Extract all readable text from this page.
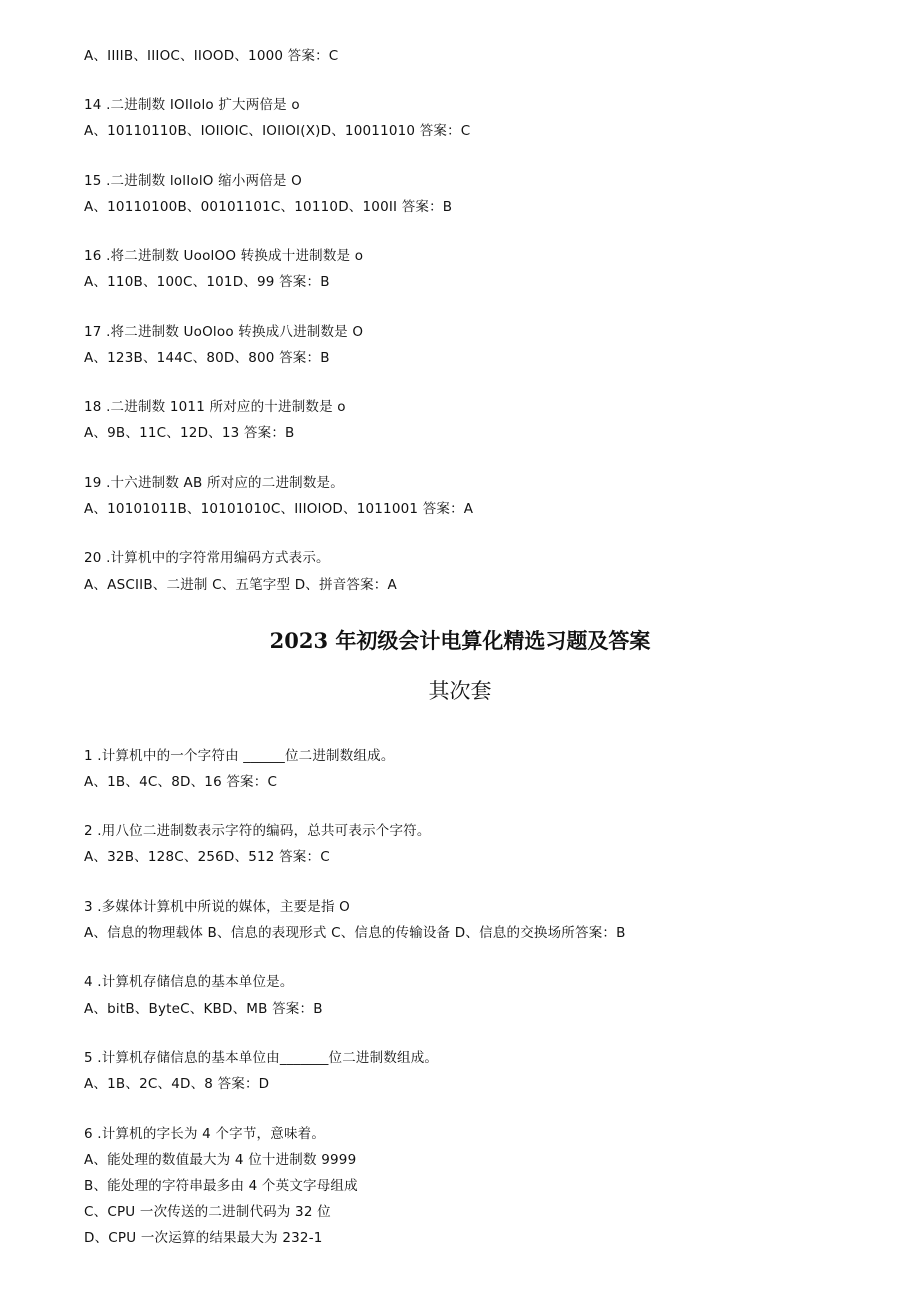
A、IIIIB、IIIOC、IIOOD、1000 答案：C
14 .二进制数 IOIlolo 扩大两倍是 o
A、10110110B、IOIlOIC、IOIlOI(X)D、10011010 答案：C
15 .二进制数 lolIolO 缩小两倍是 O
A、10110100B、00101101C、10110D、100II 答案：B
16 .将二进制数 UoolOO 转换成十进制数是 o
A、110B、100C、101D、99 答案：B
17 .将二进制数 UoOloo 转换成八进制数是 O
A、123B、144C、80D、800 答案：B
18 .二进制数 1011 所对应的十进制数是 o
A、9B、11C、12D、13 答案：B
19 .十六进制数 AB 所对应的二进制数是。
A、10101011B、10101010C、IIIOlOD、1011001 答案：A
20 .计算机中的字符常用编码方式表示。
A、ASCIIB、二进制 C、五笔字型 D、拼音答案：A
2023 年初级会计电算化精选习题及答案
其次套
1 .计算机中的一个字符由 ______位二进制数组成。
A、1B、4C、8D、16 答案：C
2 .用八位二进制数表示字符的编码，总共可表示个字符。
A、32B、128C、256D、512 答案：C
3 .多媒体计算机中所说的媒体，主要是指 O
A、信息的物理载体 B、信息的表现形式 C、信息的传输设备 D、信息的交换场所答案：B
4 .计算机存储信息的基本单位是。
A、bitB、ByteC、KBD、MB 答案：B
5 .计算机存储信息的基本单位由_______位二进制数组成。
A、1B、2C、4D、8 答案：D
6 .计算机的字长为 4 个字节，意味着。
A、能处理的数值最大为 4 位十进制数 9999
B、能处理的字符串最多由 4 个英文字母组成
C、CPU 一次传送的二进制代码为 32 位
D、CPU 一次运算的结果最大为 232-1
